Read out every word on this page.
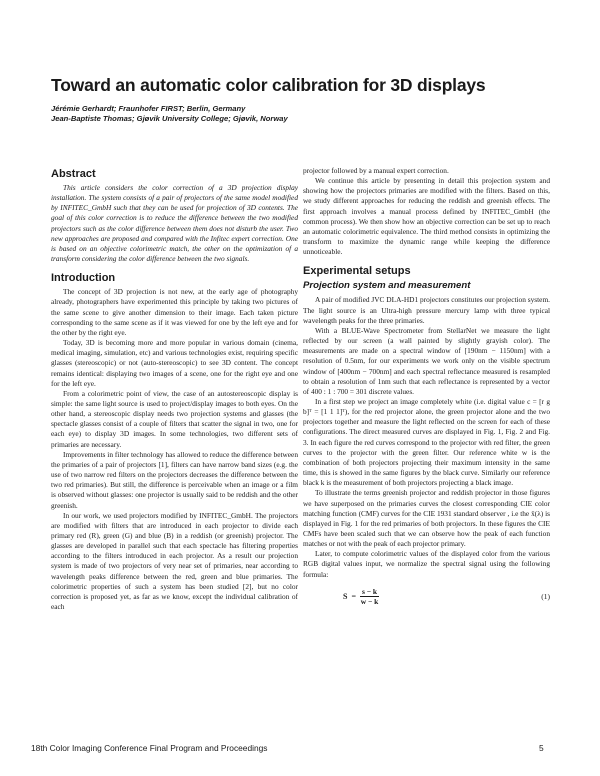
Toward an automatic color calibration for 3D displays
Jérémie Gerhardt; Fraunhofer FIRST; Berlin, Germany
Jean-Baptiste Thomas; Gjøvik University College; Gjøvik, Norway
Abstract

This article considers the color correction of a 3D projection display installation. The system consists of a pair of projectors of the same model modified by INFITEC_GmbH such that they can be used for projection of 3D contents. The goal of this color correction is to reduce the difference between the two modified projectors such as the color difference between them does not disturb the user. Two new approaches are proposed and compared with the Infitec expert correction. One is based on an objective colorimetric match, the other on the optimization of a transform considering the color difference between the two signals.

Introduction

The concept of 3D projection is not new, at the early age of photography already, photographers have experimented this principle by taking two pictures of the same scene to give another dimension to their image. Each taken picture corresponding to the same scene as if it was viewed for one by the left eye and for the other by the right eye.

Today, 3D is becoming more and more popular in various domain (cinema, medical imaging, simulation, etc) and various technologies exist, requiring specific glasses (stereoscopic) or not (auto-stereoscopic) to see 3D content. The concept remains identical: displaying two images of a scene, one for the right eye and one for the left eye.

From a colorimetric point of view, the case of an autostereoscopic display is simple: the same light source is used to project/display images to both eyes. On the other hand, a stereoscopic display needs two projection systems and glasses (the spectacle glasses consist of a couple of filters that scatter the signal in two, one for each eye) to display 3D images. In some technologies, two different sets of primaries are necessary.

Improvements in filter technology has allowed to reduce the difference between the primaries of a pair of projectors [1], filters can have narrow band sizes (e.g. the use of two narrow red filters on the projectors decreases the difference between the two red primaries). But still, the difference is perceivable when an image or a film is observed without glasses: one projector is usually said to be reddish and the other greenish.

In our work, we used projectors modified by INFITEC_GmbH. The projectors are modified with filters that are introduced in each projector to divide each primary red (R), green (G) and blue (B) in a reddish (or greenish) projector. The glasses are developed in parallel such that each spectacle has filtering properties according to the filters introduced in each projector. As a result our projection system is made of two projectors of very near set of primaries, near according to wavelength peaks difference between the red, green and blue primaries. The colorimetric properties of such a system has been studied [2], but no color correction is proposed yet, as far as we know, except the individual calibration of each

projector followed by a manual expert correction.

We continue this article by presenting in detail this projection system and showing how the projectors primaries are modified with the filters. Based on this, we study different approaches for reducing the reddish and greenish effects. The first approach involves a manual process defined by INFITEC_GmbH (the common process). We then show how an objective correction can be set up to reach an automatic colorimetric equivalence. The third method consists in optimizing the transform to maximize the dynamic range while keeping the difference unnoticeable.

Experimental setups
Projection system and measurement

A pair of modified JVC DLA-HD1 projectors constitutes our projection system. The light source is an Ultra-high pressure mercury lamp with three typical wavelength peaks for the three primaries.

With a BLUE-Wave Spectrometer from StellarNet we measure the light reflected by our screen (a wall painted by slightly grayish color). The measurements are made on a spectral window of [190nm − 1150nm] with a resolution of 0.5nm, for our experiments we work only on the visible spectrum window of [400nm − 700nm] and each spectral reflectance measured is resampled to obtain a resolution of 1nm such that each reflectance is represented by a vector of 400 : 1 : 700 = 301 discrete values.

In a first step we project an image completely white (i.e. digital value c = [r g b]ᵀ = [1 1 1]ᵀ), for the red projector alone, the green projector alone and the two projectors together and measure the light reflected on the screen for each of these configurations. The direct measured curves are displayed in Fig. 1, Fig. 2 and Fig. 3. In each figure the red curves correspond to the projector with red filter, the green curves to the projector with the green filter. Our reference white w is the combination of both projectors projecting their maximum intensity in the same time, this is showed in the same figures by the black curve. Similarly our reference black k is the measurement of both projectors projecting a black image.

To illustrate the terms greenish projector and reddish projector in those figures we have superposed on the primaries curves the closest corresponding CIE color matching function (CMF) curves for the CIE 1931 standard observer , i.e the x̄(λ) is displayed in Fig. 1 for the red primaries of both projectors. In these figures the CIE CMFs have been scaled such that we can observe how the peak of each function matches or not with the peak of each projector primary.

Later, to compute colorimetric values of the displayed color from the various RGB digital values input, we normalize the spectral signal using the following formula:

$S = \frac{s - k}{w - k}$	(1)
18th Color Imaging Conference Final Program and Proceedings	5
